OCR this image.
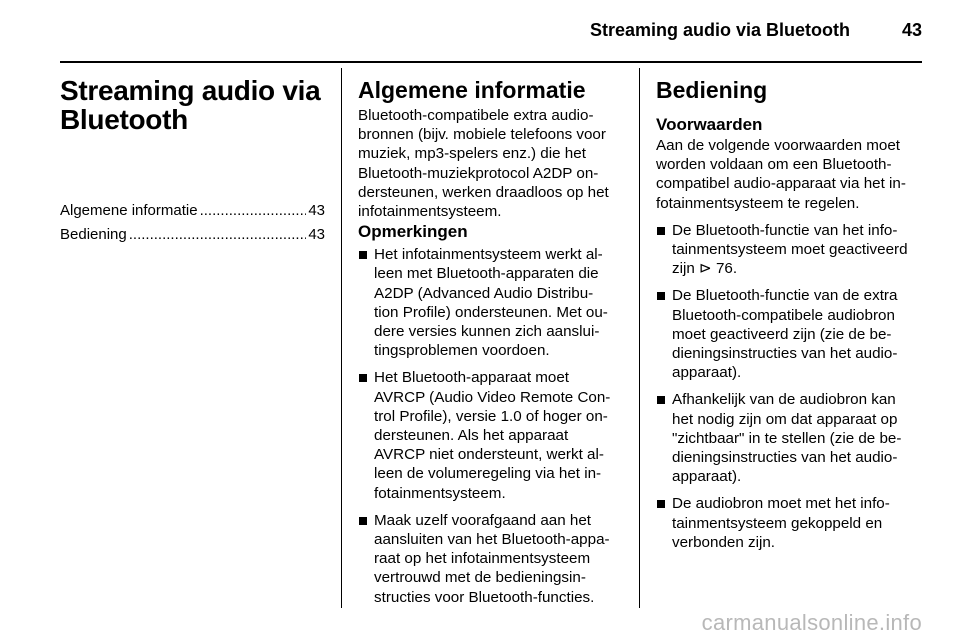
Streaming audio via Bluetooth	43
Streaming audio via
Bluetooth
Algemene informatie .....	43
Bediening .....	43
Algemene informatie
Bluetooth-compatibele extra audio-
bronnen (bijv. mobiele telefoons voor
muziek, mp3-spelers enz.) die het
Bluetooth-muziekprotocol A2DP on-
dersteunen, werken draadloos op het
infotainmentsysteem.
Opmerkingen
Het infotainmentsysteem werkt al-
leen met Bluetooth-apparaten die
A2DP (Advanced Audio Distribu-
tion Profile) ondersteunen. Met ou-
dere versies kunnen zich aanslui-
tingsproblemen voordoen.
Het Bluetooth-apparaat moet
AVRCP (Audio Video Remote Con-
trol Profile), versie 1.0 of hoger on-
dersteunen. Als het apparaat
AVRCP niet ondersteunt, werkt al-
leen de volumeregeling via het in-
fotainmentsysteem.
Maak uzelf voorafgaand aan het
aansluiten van het Bluetooth-appa-
raat op het infotainmentsysteem
vertrouwd met de bedieningsin-
structies voor Bluetooth-functies.
Bediening
Voorwaarden
Aan de volgende voorwaarden moet
worden voldaan om een Bluetooth-
compatibel audio-apparaat via het in-
fotainmentsysteem te regelen.
De Bluetooth-functie van het info-
tainmentsysteem moet geactiveerd
zijn ⊳ 76.
De Bluetooth-functie van de extra
Bluetooth-compatibele audiobron
moet geactiveerd zijn (zie de be-
dieningsinstructies van het audio-
apparaat).
Afhankelijk van de audiobron kan
het nodig zijn om dat apparaat op
"zichtbaar" in te stellen (zie de be-
dieningsinstructies van het audio-
apparaat).
De audiobron moet met het info-
tainmentsysteem gekoppeld en
verbonden zijn.
carmanualsonline.info
